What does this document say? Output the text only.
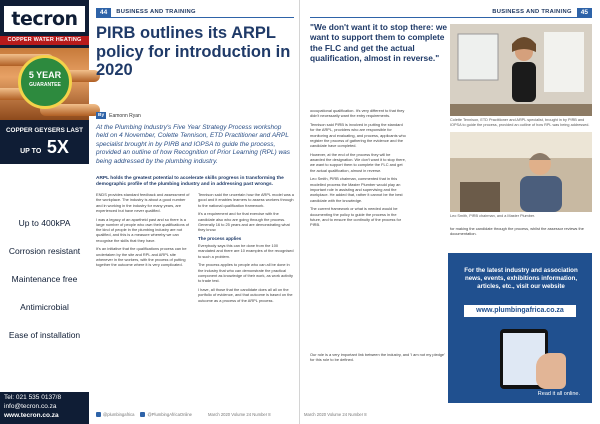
tecron
COPPER WATER HEATING
5 YEAR
GUARANTEE
COPPER GEYSERS LAST
UP TO 5X
Up to 400kPA
Corrosion resistant
Maintenance free
Antimicrobial
Ease of installation
Tel: 021 535 0137/8
info@tecron.co.za
www.tecron.co.za
44	BUSINESS AND TRAINING
PIRB outlines its ARPL policy for introduction in 2020
By	Eamonn Ryan
At the Plumbing Industry's Five Year Strategy Process workshop held on 4 November, Colette Tennison, ETD Practitioner and ARPL specialist brought in by PIRB and IOPSA to guide the process, provided an outline of how Recognition of Prior Learning (RPL) was being addressed by the plumbing industry.
ARPL holds the greatest potential to accelerate skills progress in transforming the demographic profile of the plumbing industry and in addressing past wrongs.

ENDS provides standard feedback and assessment of the workplace. The industry is about a good number and in working in the industry for many years, are experienced but have never qualified.

I was a legacy of an apartheid past and so there is a large number of people who own their qualifications of the kind of people in the plumbing industry are not qualified, and this is a measure whereby we can recognise the skills that they have.

It's an initiative that the qualifications process can be undertaken by the site and RPL and ARPL site whenever in the workers, with the process of putting together the outcome where it is very complicated.

Tennison said the uncertain how the ARPL model was a good and it enables learners to assess workers through to the national qualification framework.

It's a requirement and for that exercise with the candidate also who are going through the process. Generally 16 to 25 years and are demonstrating what they know.

The process applies

Everybody says this can be done from the 100 mandated and there are 10 examples of the recognised to such a problem.

The process applies to people who can all be done in the industry that who can demonstrate the practical component as knowledge of their work, as work activity to trade test.

I have, all those that the candidate does all all on the portfolio of evidence, and that outcome is based on the outcome as a process of the ARPL process.

@plumbingafrica	@PlumbingAfricaOnline	March 2020 Volume 24 Number 8
BUSINESS AND TRAINING	45
"We don't want it to stop there: we want to support them to complete the FLC and get the actual qualification, almost in reverse."

occupational qualification. It's very different to that they didn't necessarily want the entry requirements.

Tennison said PIRB is involved in putting the standard for the ARPL, providers who are responsible for monitoring and evaluating, and process, applicants who register the process of gathering the evidence and the candidate have completed.

However, at the end of the process they will be awarded the designation. We don't want it to stop there, we want to support them to complete the FLC and get the actual qualification, almost in reverse.

Leo Smith, PIRB chairman, commented that in this modelled process the Master Plumber would play an important role in assisting and supervising and the workplace. He added that, rather it cannot be the best candidate with the knowledge.

The current framework or what is needed would be documenting the policy to guide the process in the future, and to ensure the continuity of the process for PIRB.

Colette Tennison, ETD Practitioner and ARPL specialist, brought in by PIRB and IOPSA to guide the process, provided an outline of how RPL was being addressed.
Leo Smith, PIRB chairman, and a Master Plumber.

for making the candidate through the process, whilst the assessor reviews the documentation.

For the latest industry and association news, events, exhibitions information, articles, etc., visit our website
www.plumbingafrica.co.za
Read it all online.
March 2020 Volume 24 Number 8

Our role is a very important link between the industry, and 'I am not my pledge' for this role to be defined.
